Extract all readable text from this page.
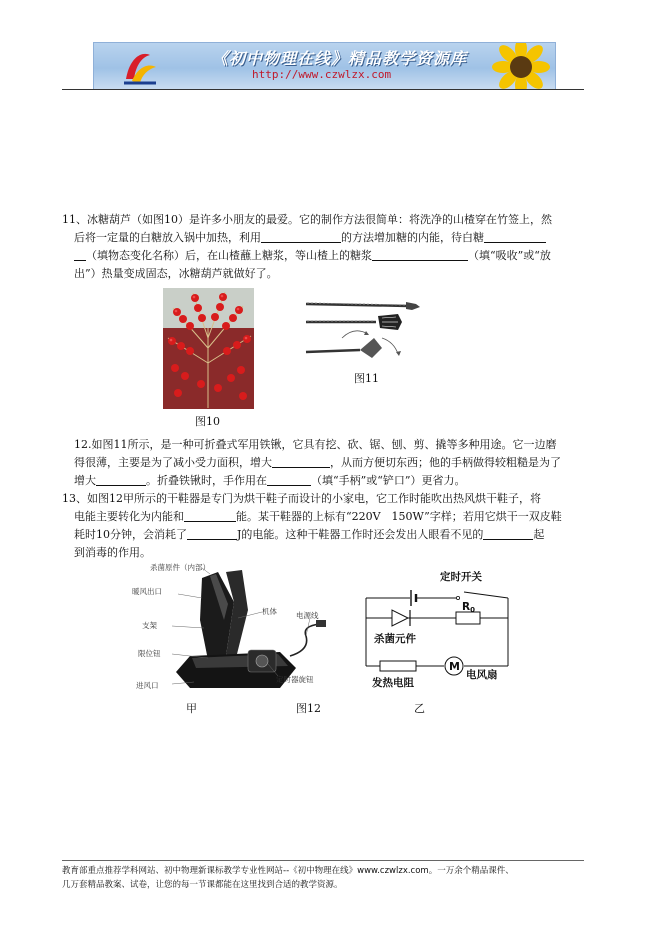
《初中物理在线》精品教学资源库
http://www.czwlzx.com
11、冰糖葫芦（如图10）是许多小朋友的最爱。它的制作方法很简单：将洗净的山楂穿在竹签上，然
后将一定量的白糖放入锅中加热，利用	的方法增加糖的内能，待白糖
（填物态变化名称）后，在山楂蘸上糖浆，等山楂上的糖浆	（填“吸收”或“放
出”）热量变成固态，冰糖葫芦就做好了。
图10
图11
12.如图11所示，是一种可折叠式军用铁锹，它具有挖、砍、锯、刨、剪、撬等多种用途。它一边磨
得很薄，主要是为了减小受力面积，增大	，从而方便切东西；他的手柄做得较粗糙是为了
增大	。折叠铁锹时，手作用在	（填“手柄”或“铲口”）更省力。
13、如图12甲所示的干鞋器是专门为烘干鞋子而设计的小家电，它工作时能吹出热风烘干鞋子，将
电能主要转化为内能和	能。某干鞋器的上标有“220V　150W”字样；若用它烘干一双皮鞋
耗时10分钟，会消耗了	J的电能。这种干鞋器工作时还会发出人眼看不见的	起
到消毒的作用。
杀菌原件（内部）
暖风出口
支架
限位钮
进风口
机体	电源线
定时器旋钮
M
定时开关
R0
杀菌元件
发热电阻
电风扇
甲	图12	乙
教育部重点推荐学科网站、初中物理新课标教学专业性网站--《初中物理在线》www.czwlzx.com。一万余个精品课件、
几万套精品教案、试卷，让您的每一节课都能在这里找到合适的教学资源。
